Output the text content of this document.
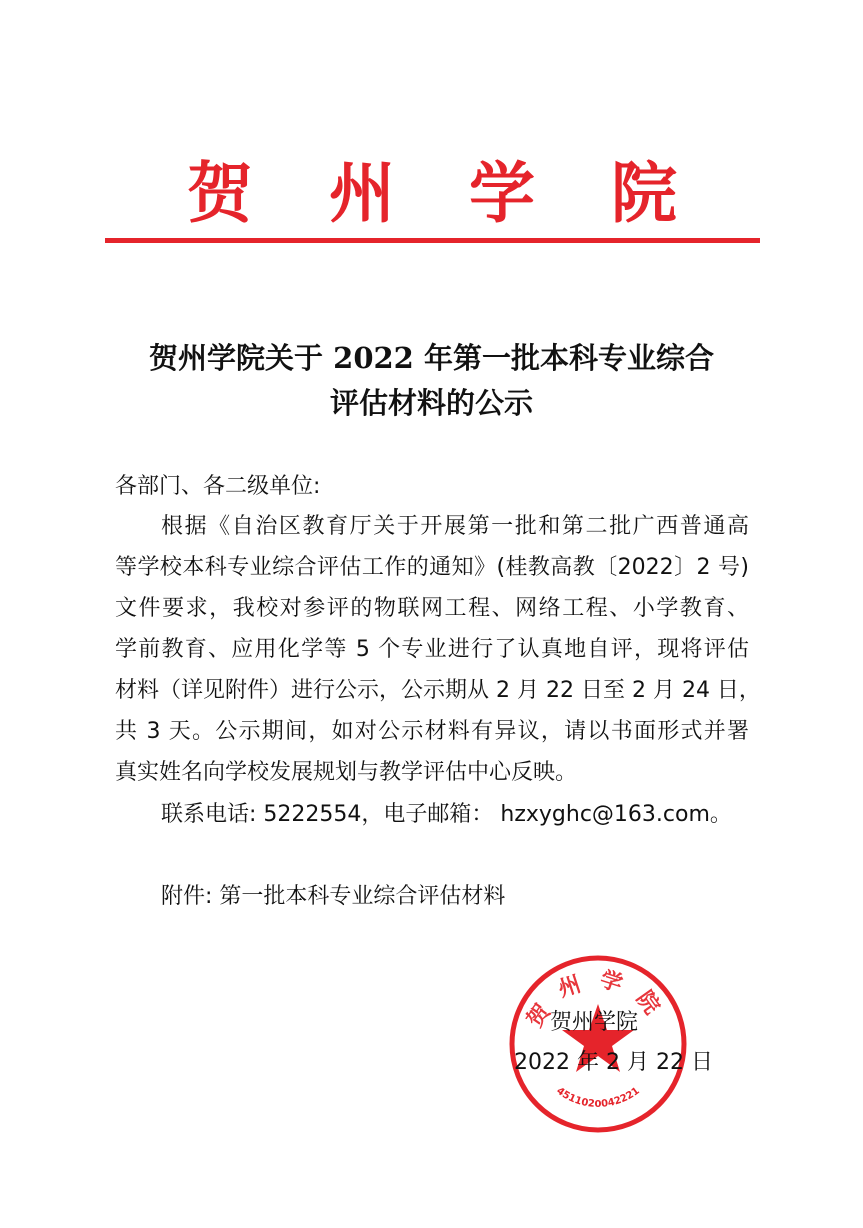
贺 州 学 院
贺州学院关于 2022 年第一批本科专业综合
评估材料的公示
各部门、各二级单位:
根据《自治区教育厅关于开展第一批和第二批广西普通高
等学校本科专业综合评估工作的通知》(桂教高教〔2022〕2 号)
文件要求，我校对参评的物联网工程、网络工程、小学教育、
学前教育、应用化学等 5 个专业进行了认真地自评，现将评估
材料（详见附件）进行公示，公示期从 2 月 22 日至 2 月 24 日，
共 3 天。公示期间，如对公示材料有异议，请以书面形式并署
真实姓名向学校发展规划与教学评估中心反映。
联系电话: 5222554，电子邮箱： hzxyghc@163.com。
附件: 第一批本科专业综合评估材料
贺州学院
4511020042221
贺州学院
2022 年 2 月 22 日
